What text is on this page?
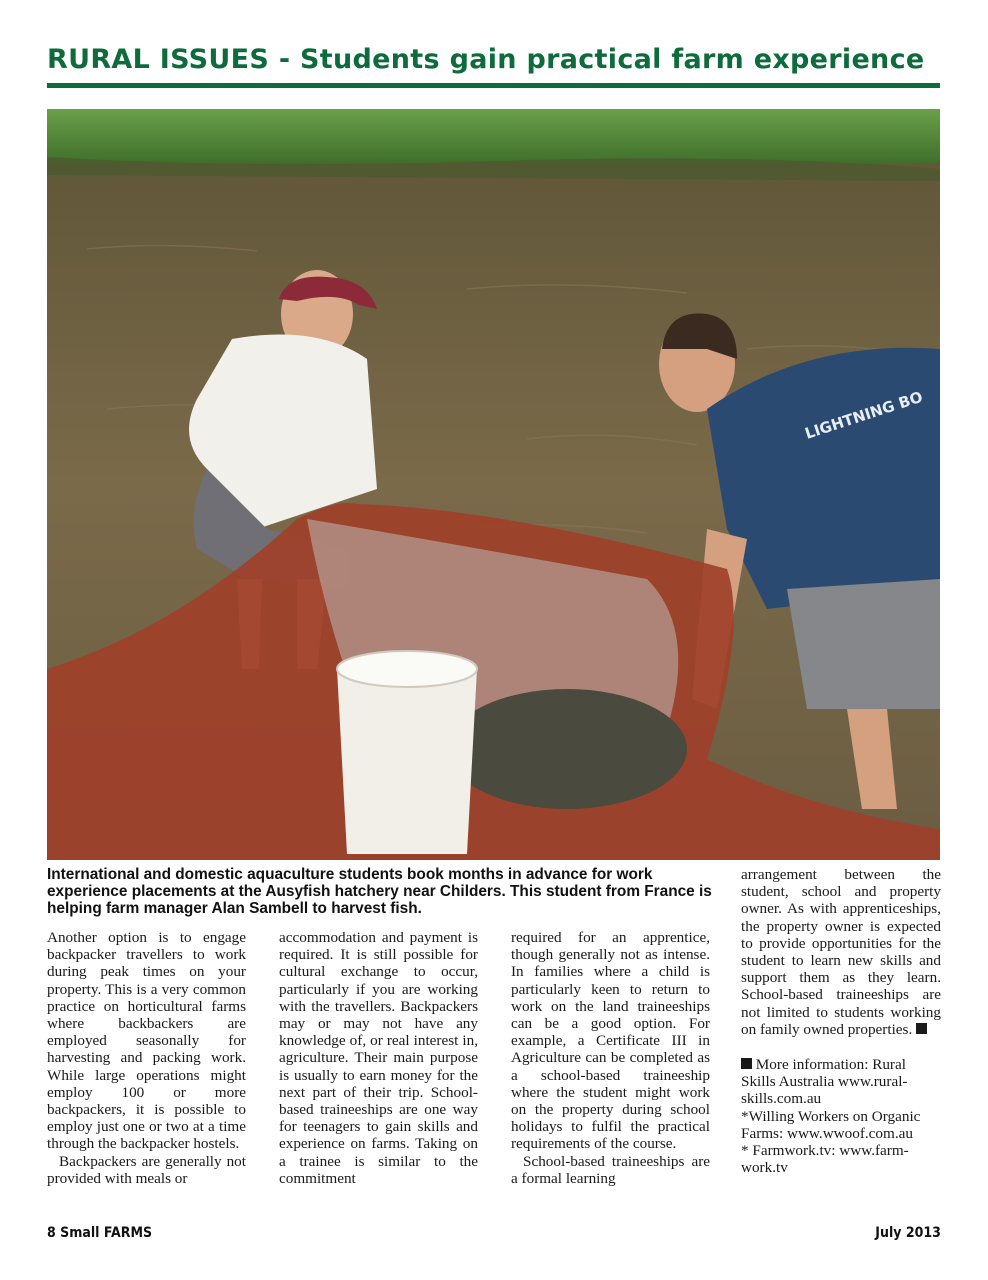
RURAL ISSUES - Students gain practical farm experience
LIGHTNING BO
International and domestic aquaculture students book months in advance for work experience placements at the Ausyfish hatchery near Childers. This student from France is helping farm manager Alan Sambell to harvest fish.

Another option is to engage backpacker travellers to work during peak times on your property. This is a very common practice on horticultural farms where backbackers are employed seasonally for harvesting and packing work. While large operations might employ 100 or more backpackers, it is possible to employ just one or two at a time through the backpacker hostels.

Backpackers are generally not provided with meals or

accommodation and payment is required. It is still possible for cultural exchange to occur, particularly if you are working with the travellers. Backpackers may or may not have any knowledge of, or real interest in, agriculture. Their main purpose is usually to earn money for the next part of their trip. School-based traineeships are one way for teenagers to gain skills and experience on farms. Taking on a trainee is similar to the commitment

required for an apprentice, though generally not as intense. In families where a child is particularly keen to return to work on the land traineeships can be a good option. For example, a Certificate III in Agriculture can be completed as a school-based traineeship where the student might work on the property during school holidays to fulfil the practical requirements of the course.

School-based traineeships are a formal learning

arrangement between the student, school and property owner. As with apprenticeships, the property owner is expected to provide opportunities for the student to learn new skills and support them as they learn. School-based traineeships are not limited to students working on family owned properties.

More information: Rural Skills Australia www.ruralskills.com.au

*Willing Workers on Organic Farms: www.wwoof.com.au

* Farmwork.tv: www.farmwork.tv

8 Small FARMS	July 2013
